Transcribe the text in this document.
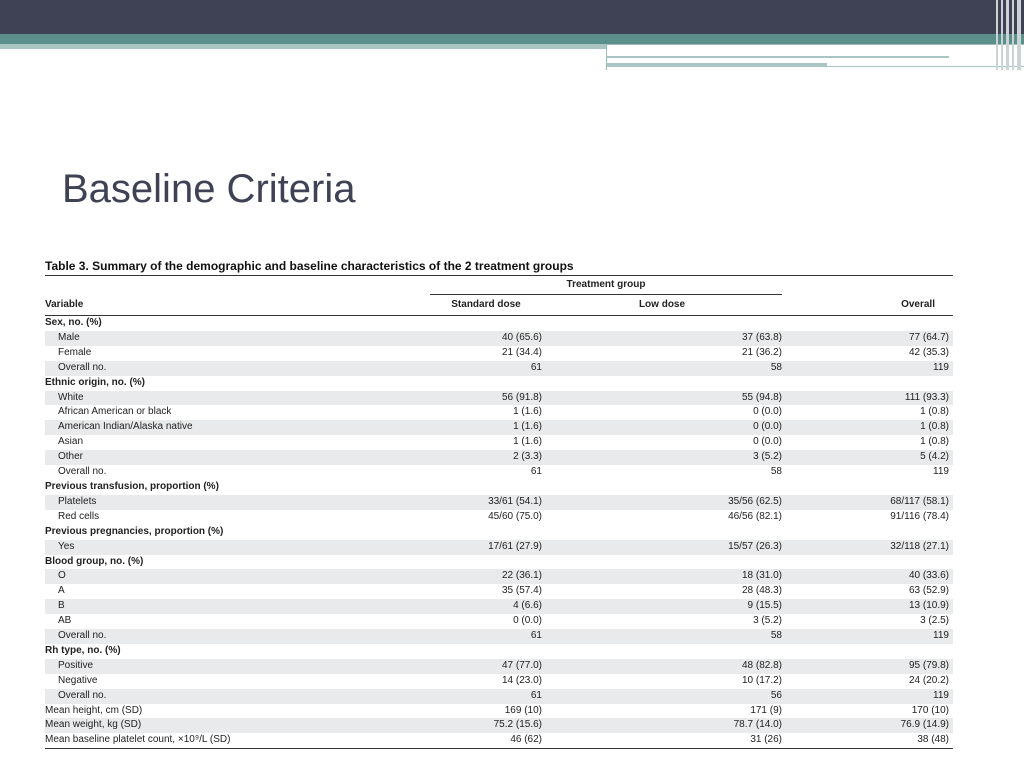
Baseline Criteria
Table 3. Summary of the demographic and baseline characteristics of the 2 treatment groups
	Treatment group		
Variable	Standard dose	Low dose	Overall
Sex, no. (%)			
Male	40 (65.6)	37 (63.8)	77 (64.7)
Female	21 (34.4)	21 (36.2)	42 (35.3)
Overall no.	61	58	119
Ethnic origin, no. (%)			
White	56 (91.8)	55 (94.8)	111 (93.3)
African American or black	1 (1.6)	0 (0.0)	1 (0.8)
American Indian/Alaska native	1 (1.6)	0 (0.0)	1 (0.8)
Asian	1 (1.6)	0 (0.0)	1 (0.8)
Other	2 (3.3)	3 (5.2)	5 (4.2)
Overall no.	61	58	119
Previous transfusion, proportion (%)			
Platelets	33/61 (54.1)	35/56 (62.5)	68/117 (58.1)
Red cells	45/60 (75.0)	46/56 (82.1)	91/116 (78.4)
Previous pregnancies, proportion (%)			
Yes	17/61 (27.9)	15/57 (26.3)	32/118 (27.1)
Blood group, no. (%)			
O	22 (36.1)	18 (31.0)	40 (33.6)
A	35 (57.4)	28 (48.3)	63 (52.9)
B	4 (6.6)	9 (15.5)	13 (10.9)
AB	0 (0.0)	3 (5.2)	3 (2.5)
Overall no.	61	58	119
Rh type, no. (%)			
Positive	47 (77.0)	48 (82.8)	95 (79.8)
Negative	14 (23.0)	10 (17.2)	24 (20.2)
Overall no.	61	56	119
Mean height, cm (SD)	169 (10)	171 (9)	170 (10)
Mean weight, kg (SD)	75.2 (15.6)	78.7 (14.0)	76.9 (14.9)
Mean baseline platelet count, ×10⁹/L (SD)	46 (62)	31 (26)	38 (48)
